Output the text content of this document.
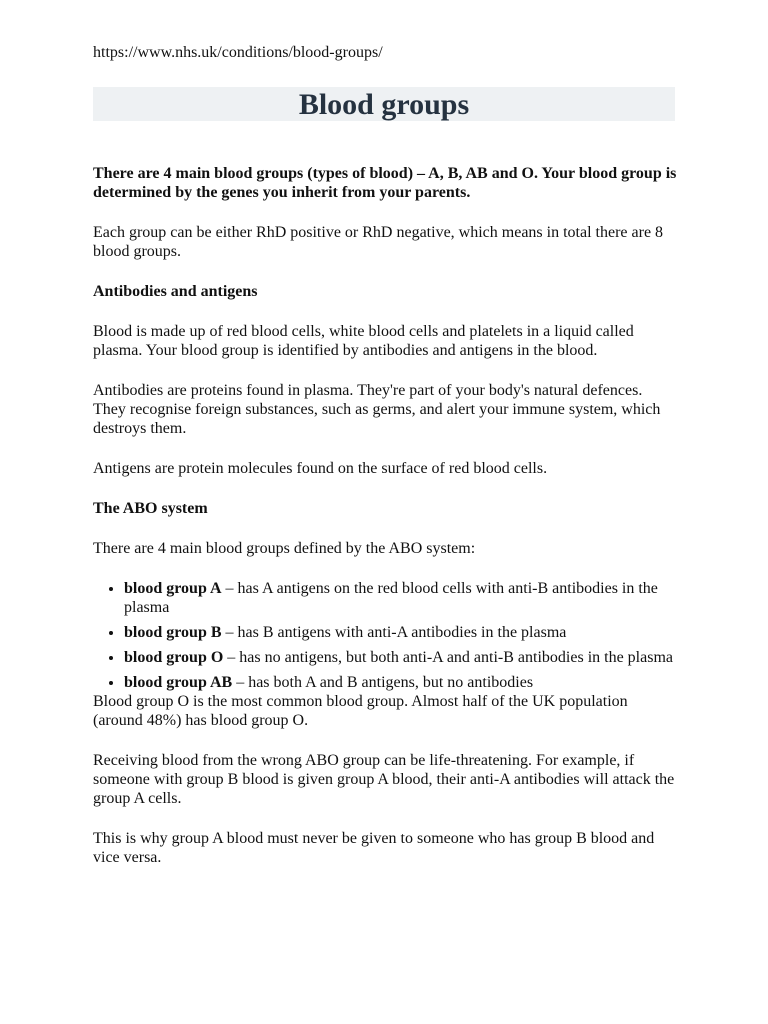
https://www.nhs.uk/conditions/blood-groups/
Blood groups

There are 4 main blood groups (types of blood) – A, B, AB and O. Your blood group is determined by the genes you inherit from your parents.

Each group can be either RhD positive or RhD negative, which means in total there are 8 blood groups.

Antibodies and antigens

Blood is made up of red blood cells, white blood cells and platelets in a liquid called plasma. Your blood group is identified by antibodies and antigens in the blood.

Antibodies are proteins found in plasma. They're part of your body's natural defences. They recognise foreign substances, such as germs, and alert your immune system, which destroys them.

Antigens are protein molecules found on the surface of red blood cells.

The ABO system

There are 4 main blood groups defined by the ABO system:

• blood group A – has A antigens on the red blood cells with anti-B antibodies in the plasma
• blood group B – has B antigens with anti-A antibodies in the plasma
• blood group O – has no antigens, but both anti-A and anti-B antibodies in the plasma
• blood group AB – has both A and B antigens, but no antibodies

Blood group O is the most common blood group. Almost half of the UK population (around 48%) has blood group O.

Receiving blood from the wrong ABO group can be life-threatening. For example, if someone with group B blood is given group A blood, their anti-A antibodies will attack the group A cells.

This is why group A blood must never be given to someone who has group B blood and vice versa.
